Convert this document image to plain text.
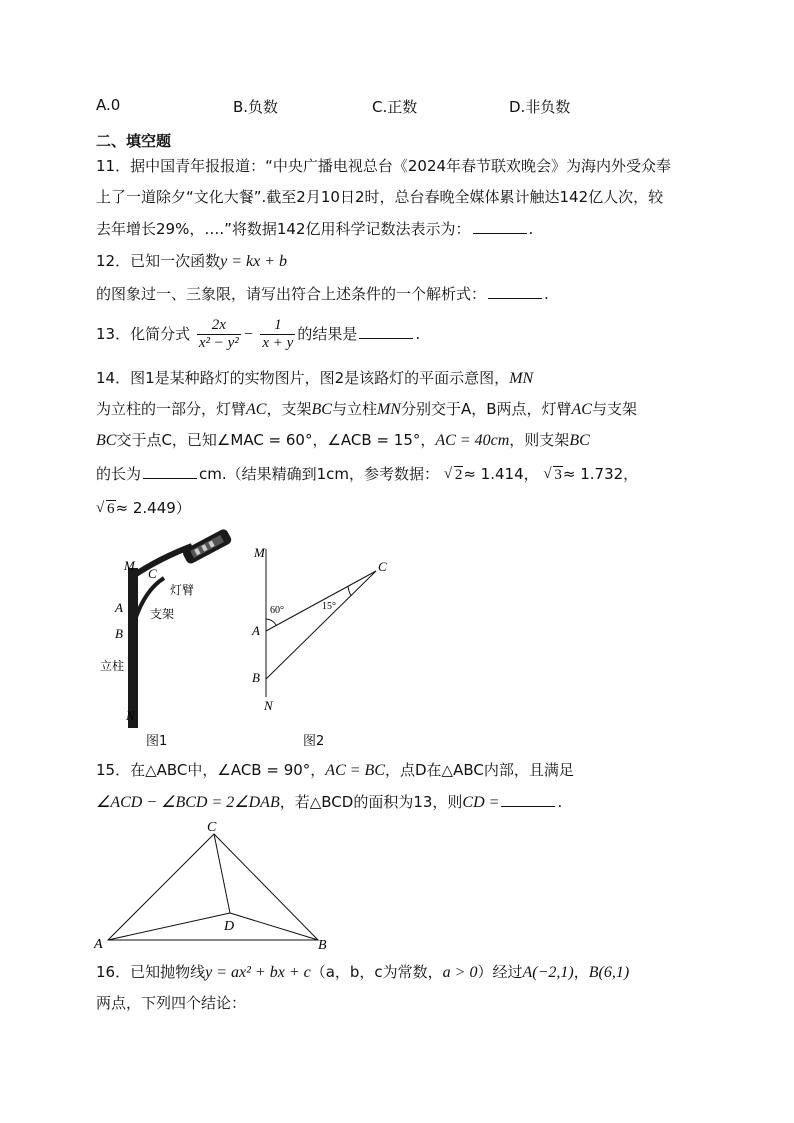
A.0	B.负数	C.正数	D.非负数
二、填空题
11．据中国青年报报道：“中央广播电视总台《2024年春节联欢晚会》为海内外受众奉
上了一道除夕“文化大餐”.截至2月10日2时，总台春晚全媒体累计触达142亿人次，较
去年增长29%，….”将数据142亿用科学记数法表示为：	.
12．已知一次函数y = kx + b
的图象过一、三象限，请写出符合上述条件的一个解析式：	.
13．化简分式 $\frac{2x}{\text{x² − y²}} - \frac{1}{x + y}$ 的结果是	.
14．图1是某种路灯的实物图片，图2是该路灯的平面示意图，MN
为立柱的一部分，灯臂AC，支架BC与立柱MN分别交于A，B两点，灯臂AC与支架
BC交于点C，已知∠MAC = 60°，∠ACB = 15°，AC = 40cm，则支架BC
的长为	cm.（结果精确到1cm，参考数据： √ 2≈ 1.414， √ 3≈ 1.732，
√ 6≈ 2.449）
M
C
灯臂
A 支架
B
立柱
N
图1
M
C
60°	15°
A
B
N
图2
15．在△ABC中，∠ACB = 90°，AC = BC，点D在△ABC内部，且满足
∠ACD − ∠BCD = 2∠DAB，若△BCD的面积为13，则CD =	.
C
D
A	B
16．已知抛物线y = ax² + bx + c（a，b，c为常数，a > 0）经过A(−2,1)，B(6,1)
两点，下列四个结论：
